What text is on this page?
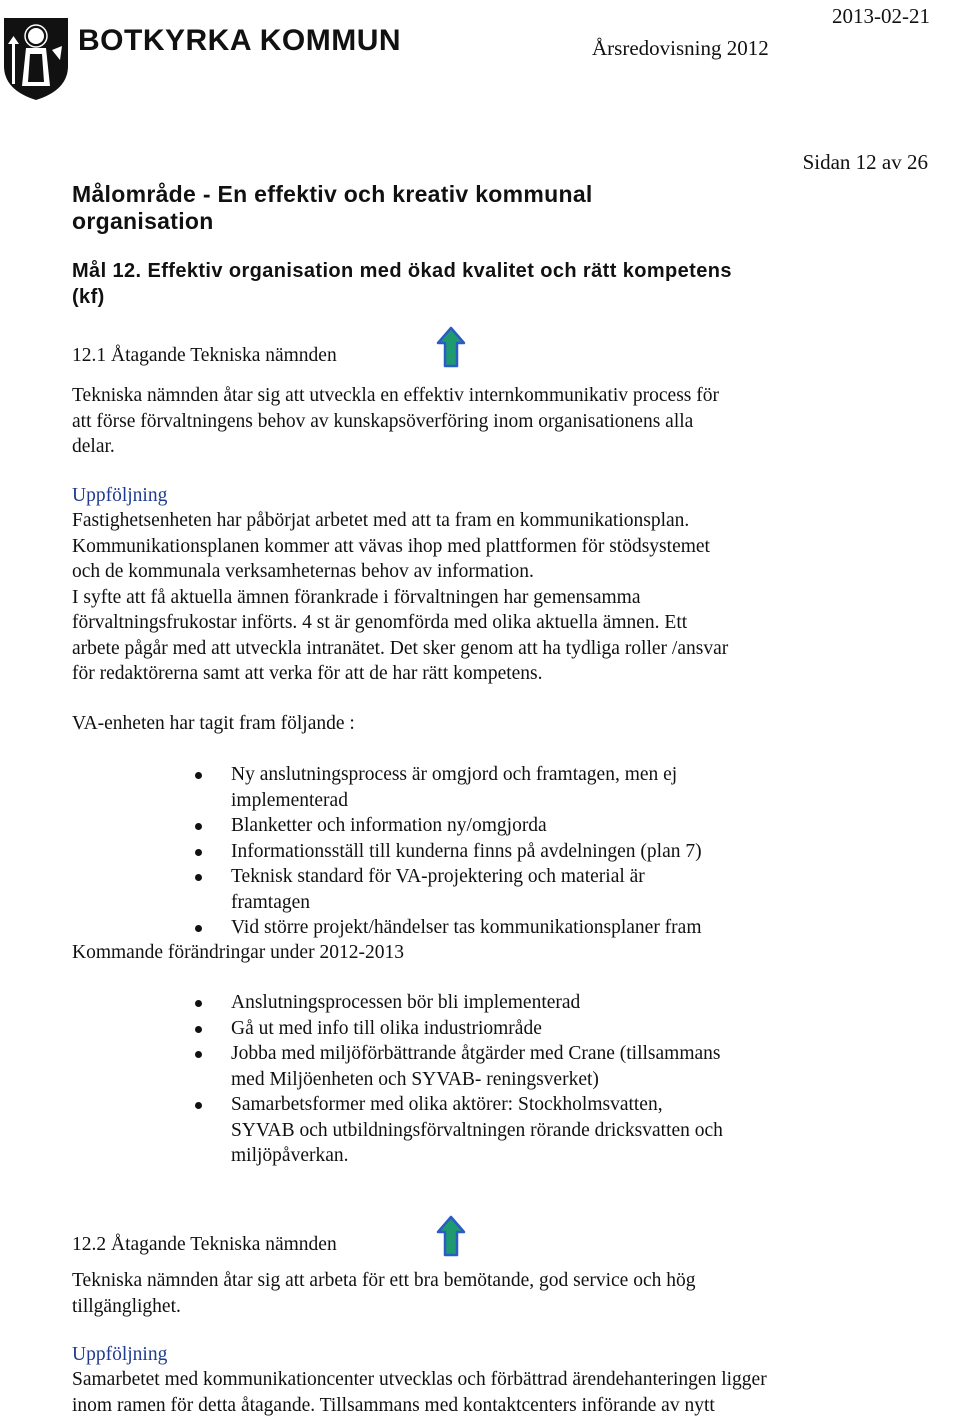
BOTKYRKA KOMMUN
2013-02-21
Årsredovisning 2012
Sidan 12 av 26
Målområde - En effektiv och kreativ kommunal
organisation
Mål 12. Effektiv organisation med ökad kvalitet och rätt kompetens
(kf)
12.1 Åtagande Tekniska nämnden
Tekniska nämnden åtar sig att utveckla en effektiv internkommunikativ process för
att förse förvaltningens behov av kunskapsöverföring inom organisationens alla
delar.
Uppföljning
Fastighetsenheten har påbörjat arbetet med att ta fram en kommunikationsplan.
Kommunikationsplanen kommer att vävas ihop med plattformen för stödsystemet
och de kommunala verksamheternas behov av information.
I syfte att få aktuella ämnen förankrade i förvaltningen har gemensamma
förvaltningsfrukostar införts. 4 st är genomförda med olika aktuella ämnen. Ett
arbete pågår med att utveckla intranätet. Det sker genom att ha tydliga roller /ansvar
för redaktörerna samt att verka för att de har rätt kompetens.
VA-enheten har tagit fram följande :
Ny anslutningsprocess är omgjord och framtagen, men ej
implementerad
Blanketter och information ny/omgjorda
Informationsställ till kunderna finns på avdelningen (plan 7)
Teknisk standard för VA-projektering och material är
framtagen
Vid större projekt/händelser tas kommunikationsplaner fram
Kommande förändringar under 2012-2013
Anslutningsprocessen bör bli implementerad
Gå ut med info till olika industriområde
Jobba med miljöförbättrande åtgärder med Crane (tillsammans
med Miljöenheten och SYVAB- reningsverket)
Samarbetsformer med olika aktörer: Stockholmsvatten,
SYVAB och utbildningsförvaltningen rörande dricksvatten och
miljöpåverkan.
12.2 Åtagande Tekniska nämnden
Tekniska nämnden åtar sig att arbeta för ett bra bemötande, god service och hög
tillgänglighet.
Uppföljning
Samarbetet med kommunikationcenter utvecklas och förbättrad ärendehanteringen ligger
inom ramen för detta åtagande. Tillsammans med kontaktcenters införande av nytt
